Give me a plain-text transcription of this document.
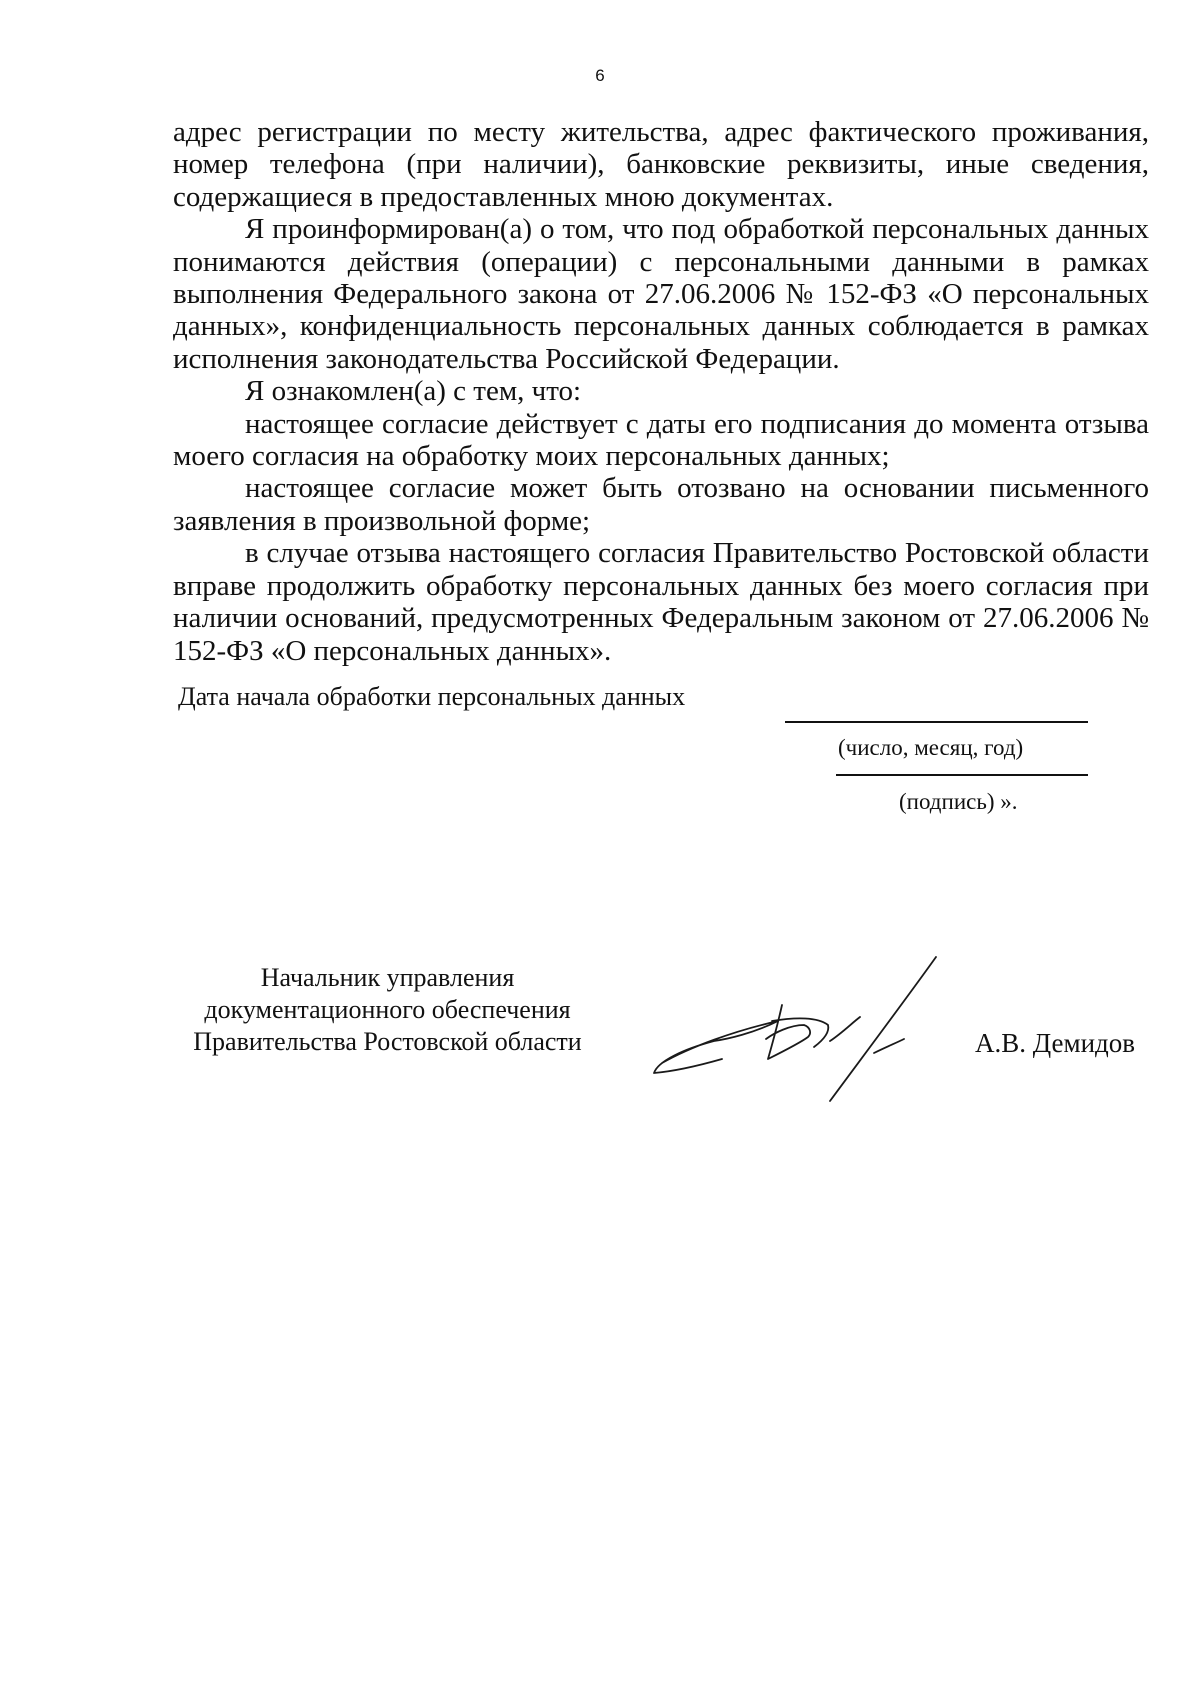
6

адрес регистрации по месту жительства, адрес фактического проживания, номер телефона (при наличии), банковские реквизиты, иные сведения, содержащиеся в предоставленных мною документах.

Я проинформирован(а) о том, что под обработкой персональных данных понимаются действия (операции) с персональными данными в рамках выполнения Федерального закона от 27.06.2006 № 152-ФЗ «О персональных данных», конфиденциальность персональных данных соблюдается в рамках исполнения законодательства Российской Федерации.

Я ознакомлен(а) с тем, что:

настоящее согласие действует с даты его подписания до момента отзыва моего согласия на обработку моих персональных данных;

настоящее согласие может быть отозвано на основании письменного заявления в произвольной форме;

в случае отзыва настоящего согласия Правительство Ростовской области вправе продолжить обработку персональных данных без моего согласия при наличии оснований, предусмотренных Федеральным законом от 27.06.2006 № 152-ФЗ «О персональных данных».

Дата начала обработки персональных данных
(число, месяц, год)
(подпись) ».
Начальник управления
документационного обеспечения
Правительства Ростовской области	А.В. Демидов
